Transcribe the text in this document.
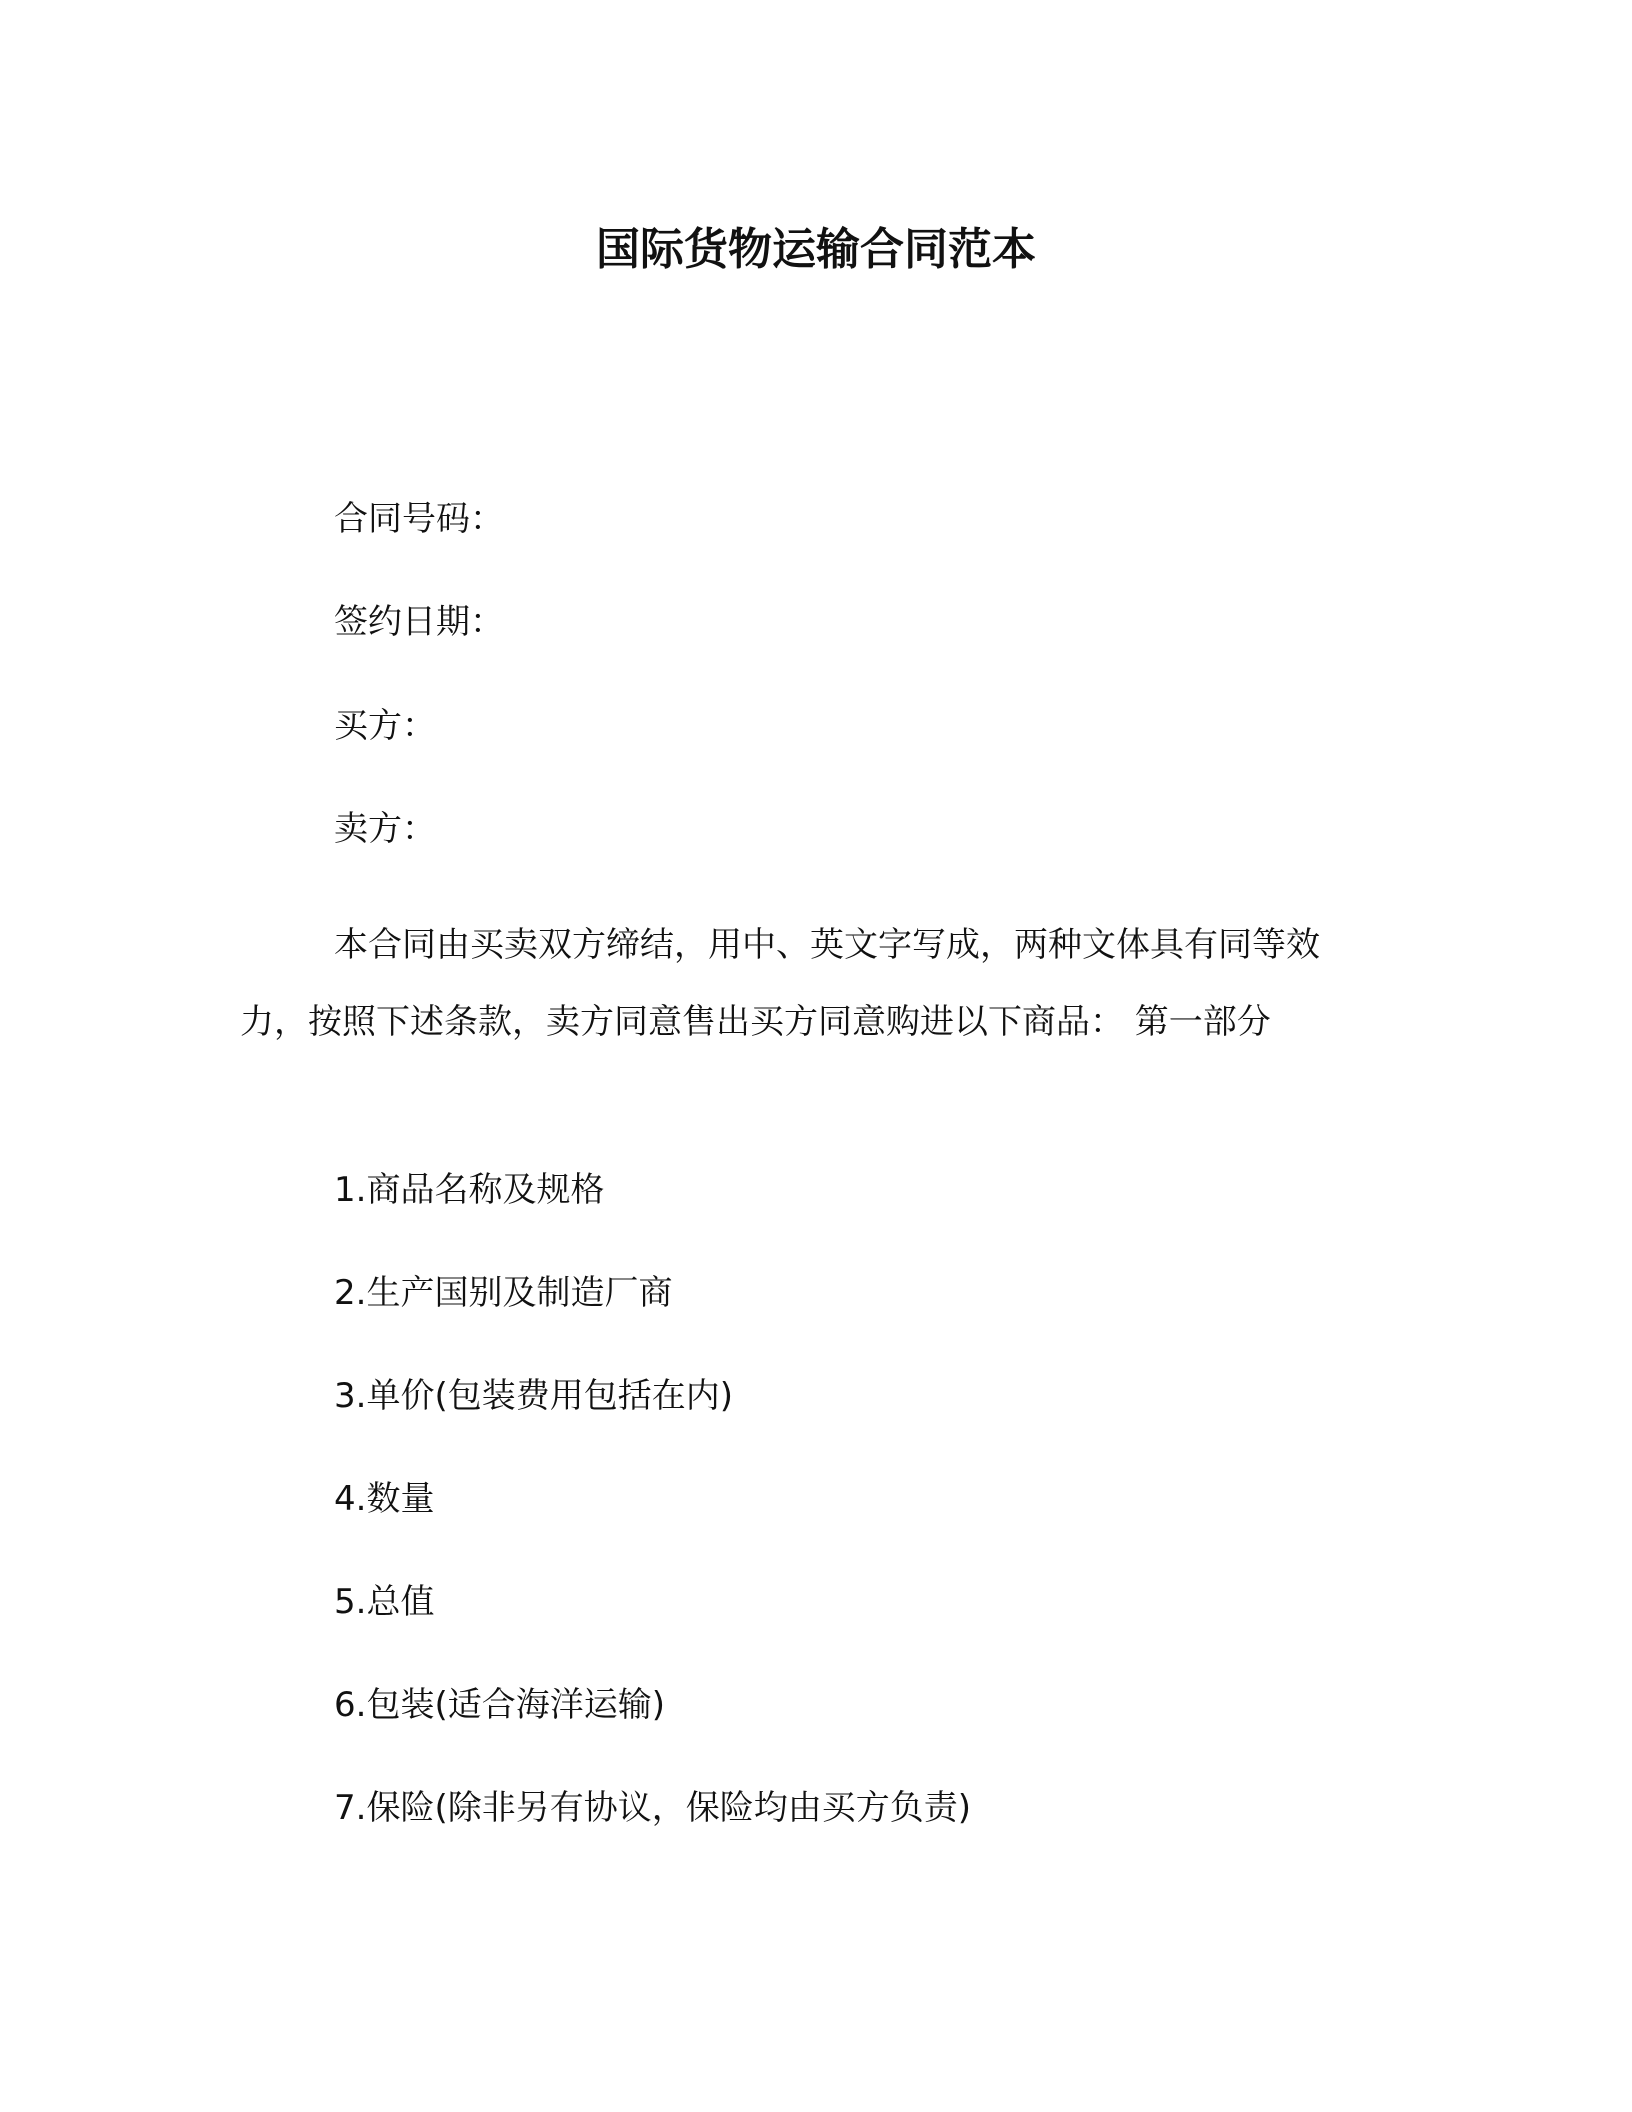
国际货物运输合同范本
合同号码：
签约日期：
买方：
卖方：
本合同由买卖双方缔结，用中、英文字写成，两种文体具有同等效力，按照下述条款，卖方同意售出买方同意购进以下商品： 第一部分
1.商品名称及规格
2.生产国别及制造厂商
3.单价(包装费用包括在内)
4.数量
5.总值
6.包装(适合海洋运输)
7.保险(除非另有协议，保险均由买方负责)
